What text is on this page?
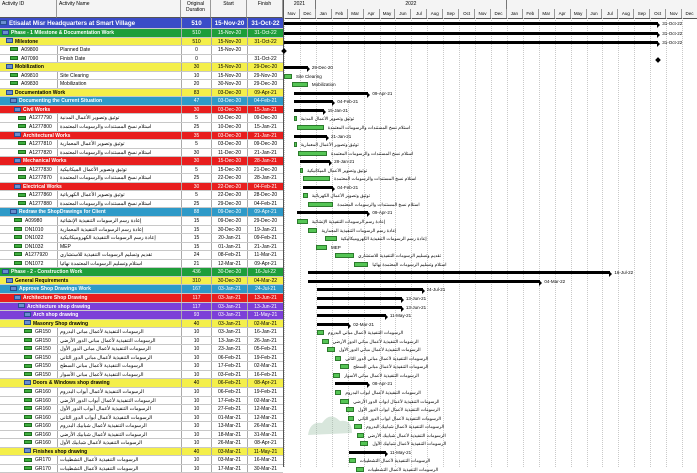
Activity ID	Activity Name	Original Duration
Start	Finish
Etisalat Misr Headquarters at Smart Village	510	15-Nov-20	31-Oct-22
Phase - 1 Milestone & Documentation Work	510	15-Nov-20	31-Oct-22
Milestone	510	15-Nov-20	31-Oct-22
A09800	Planned Date	0	15-Nov-20
A07090	Finish Date	0	31-Oct-22
Mobilization	30	15-Nov-20	29-Dec-20
A09810	Site Clearing	10	15-Nov-20	29-Nov-20
A09830	Mobilization	20	30-Nov-20	29-Dec-20
Documentation Work	83	03-Dec-20	09-Apr-21
Documenting the Current Situation	47	03-Dec-20	04-Feb-21
Civil Works	30	03-Dec-20	15-Jan-21
A1277790	توثيق وتصوير الأعمال المدنية	5	03-Dec-20	09-Dec-20
A1277800	استلام نسخ المستندات والرسومات المعتمدة	25	10-Dec-20	15-Jan-21
Architectural Works	35	03-Dec-20	21-Jan-21
A1277810	توثيق وتصوير الأعمال المعمارية	5	03-Dec-20	09-Dec-20
A1277820	استلام نسخ المستندات والرسومات المعتمدة	30	11-Dec-20	21-Jan-21
Mechanical Works	30	15-Dec-20	28-Jan-21
A1277830	توثيق وتصوير الأعمال الميكانيكية	5	15-Dec-20	21-Dec-20
A1277870	استلام نسخ المستندات والرسومات المعتمدة	25	22-Dec-20	28-Jan-21
Electrical Works	30	22-Dec-20	04-Feb-21
A1277860	توثيق وتصوير الأعمال الكهربائية	5	22-Dec-20	28-Dec-20
A1277880	استلام نسخ المستندات والرسومات المعتمدة	25	29-Dec-20	04-Feb-21
Redraw the ShopDrawings for Client	88	09-Dec-20	09-Apr-21
A09980	إعادة رسم الرسومات التنفيذية الإنشائية	15	09-Dec-20	29-Dec-20
DN1010	إعادة رسم الرسومات التنفيذية المعمارية	15	30-Dec-20	19-Jan-21
DN1022	إعادة رسم الرسومات التنفيذية الكهروميكانيكية	15	20-Jan-21	09-Feb-21
DN1032	MEP	15	01-Jan-21	21-Jan-21
A1277920	تقديم وتسليم الرسومات التنفيذية للاستشاري	24	08-Feb-21	11-Mar-21
DN1072	استلام وتسليم الرسومات المعتمدة نهائيا	21	12-Mar-21	09-Apr-21
Phase - 2 - Construction Work	436	30-Dec-20	16-Jul-22
General Requirements	310	30-Dec-20	04-Mar-22
Approve Shop Drawings Work	167	03-Jan-21	24-Jul-21
Architecture Shop Drawing	117	03-Jan-21	13-Jun-21
Architecture shop drawing	117	03-Jan-21	13-Jun-21
Arch shop drawing	93	03-Jan-21	11-May-21
Masonry Shop drawing	40	03-Jan-21	02-Mar-21
GR150	الرسومات التنفيذية لأعمال مباني البدروم	10	03-Jan-21	16-Jan-21
GR150	الرسومات التنفيذية لأعمال مباني الدور الأرضي	10	13-Jan-21	26-Jan-21
GR150	الرسومات التنفيذية لأعمال مباني الدور الأول	10	23-Jan-21	05-Feb-21
GR150	الرسومات التنفيذية لأعمال مباني الدور الثاني	10	06-Feb-21	19-Feb-21
GR150	الرسومات التنفيذية لأعمال مباني السطح	10	17-Feb-21	02-Mar-21
GR150	الرسومات التنفيذية لأعمال مباني الأسوار	10	03-Feb-21	16-Feb-21
Doors & Windows shop drawing	40	06-Feb-21	08-Apr-21
GR160	الرسومات التنفيذية لأعمال أبواب البدروم	10	06-Feb-21	19-Feb-21
GR160	الرسومات التنفيذية لأعمال أبواب الدور الأرضي	10	17-Feb-21	02-Mar-21
GR160	الرسومات التنفيذية لأعمال أبواب الدور الأول	10	27-Feb-21	12-Mar-21
GR160	الرسومات التنفيذية لأعمال أبواب الدور الثاني	10	01-Mar-21	12-Mar-21
GR160	الرسومات التنفيذية لأعمال شبابيك البدروم	10	13-Mar-21	26-Mar-21
GR160	الرسومات التنفيذية لأعمال شبابيك الأرضي	10	18-Mar-21	31-Mar-21
GR160	الرسومات التنفيذية لأعمال شبابيك الأول	10	26-Mar-21	08-Apr-21
Finishes shop drawing	40	03-Mar-21	11-May-21
GR170	الرسومات التنفيذية لأعمال التشطيبات	10	03-Mar-21	16-Mar-21
GR170	الرسومات التنفيذية لأعمال التشطيبات	10	17-Mar-21	30-Mar-21
2021	2022
Nov	Dec	Jan	Feb	Mar	Apr	May	Jun	Jul	Aug	Sep	Oct	Nov	Dec	Jan	Feb	Mar	Apr	May	Jun	Jul	Aug	Sep	Oct	Nov	Dec
31-Oct-22
31-Oct-22
31-Oct-22
29-Dec-20
Site Clearing
Mobilization
09-Apr-21
04-Feb-21
15-Jan-21
توثيق وتصوير الأعمال المدنية
استلام نسخ المستندات والرسومات المعتمدة
21-Jan-21
توثيق وتصوير الأعمال المعمارية
استلام نسخ المستندات والرسومات المعتمدة
28-Jan-21
توثيق وتصوير الأعمال الميكانيكية
استلام نسخ المستندات والرسومات المعتمدة
04-Feb-21
توثيق وتصوير الأعمال الكهربائية
استلام نسخ المستندات والرسومات المعتمدة
09-Apr-21
إعادة رسم الرسومات التنفيذية الإنشائية
إعادة رسم الرسومات التنفيذية المعمارية
إعادة رسم الرسومات التنفيذية الكهروميكانيكية
MEP
تقديم وتسليم الرسومات التنفيذية للاستشاري
استلام وتسليم الرسومات المعتمدة نهائيا
16-Jul-22
04-Mar-22
24-Jul-21
13-Jun-21
13-Jun-21
11-May-21
02-Mar-21
الرسومات التنفيذية لأعمال مباني البدروم
الرسومات التنفيذية لأعمال مباني الدور الأرضي
الرسومات التنفيذية لأعمال مباني الدور الأول
الرسومات التنفيذية لأعمال مباني الدور الثاني
الرسومات التنفيذية لأعمال مباني السطح
الرسومات التنفيذية لأعمال مباني الأسوار
08-Apr-21
الرسومات التنفيذية لأعمال أبواب البدروم
الرسومات التنفيذية لأعمال أبواب الدور الأرضي
الرسومات التنفيذية لأعمال أبواب الدور الأول
الرسومات التنفيذية لأعمال أبواب الدور الثاني
الرسومات التنفيذية لأعمال شبابيك البدروم
الرسومات التنفيذية لأعمال شبابيك الأرضي
الرسومات التنفيذية لأعمال شبابيك الأول
11-May-21
الرسومات التنفيذية لأعمال التشطيبات
الرسومات التنفيذية لأعمال التشطيبات
